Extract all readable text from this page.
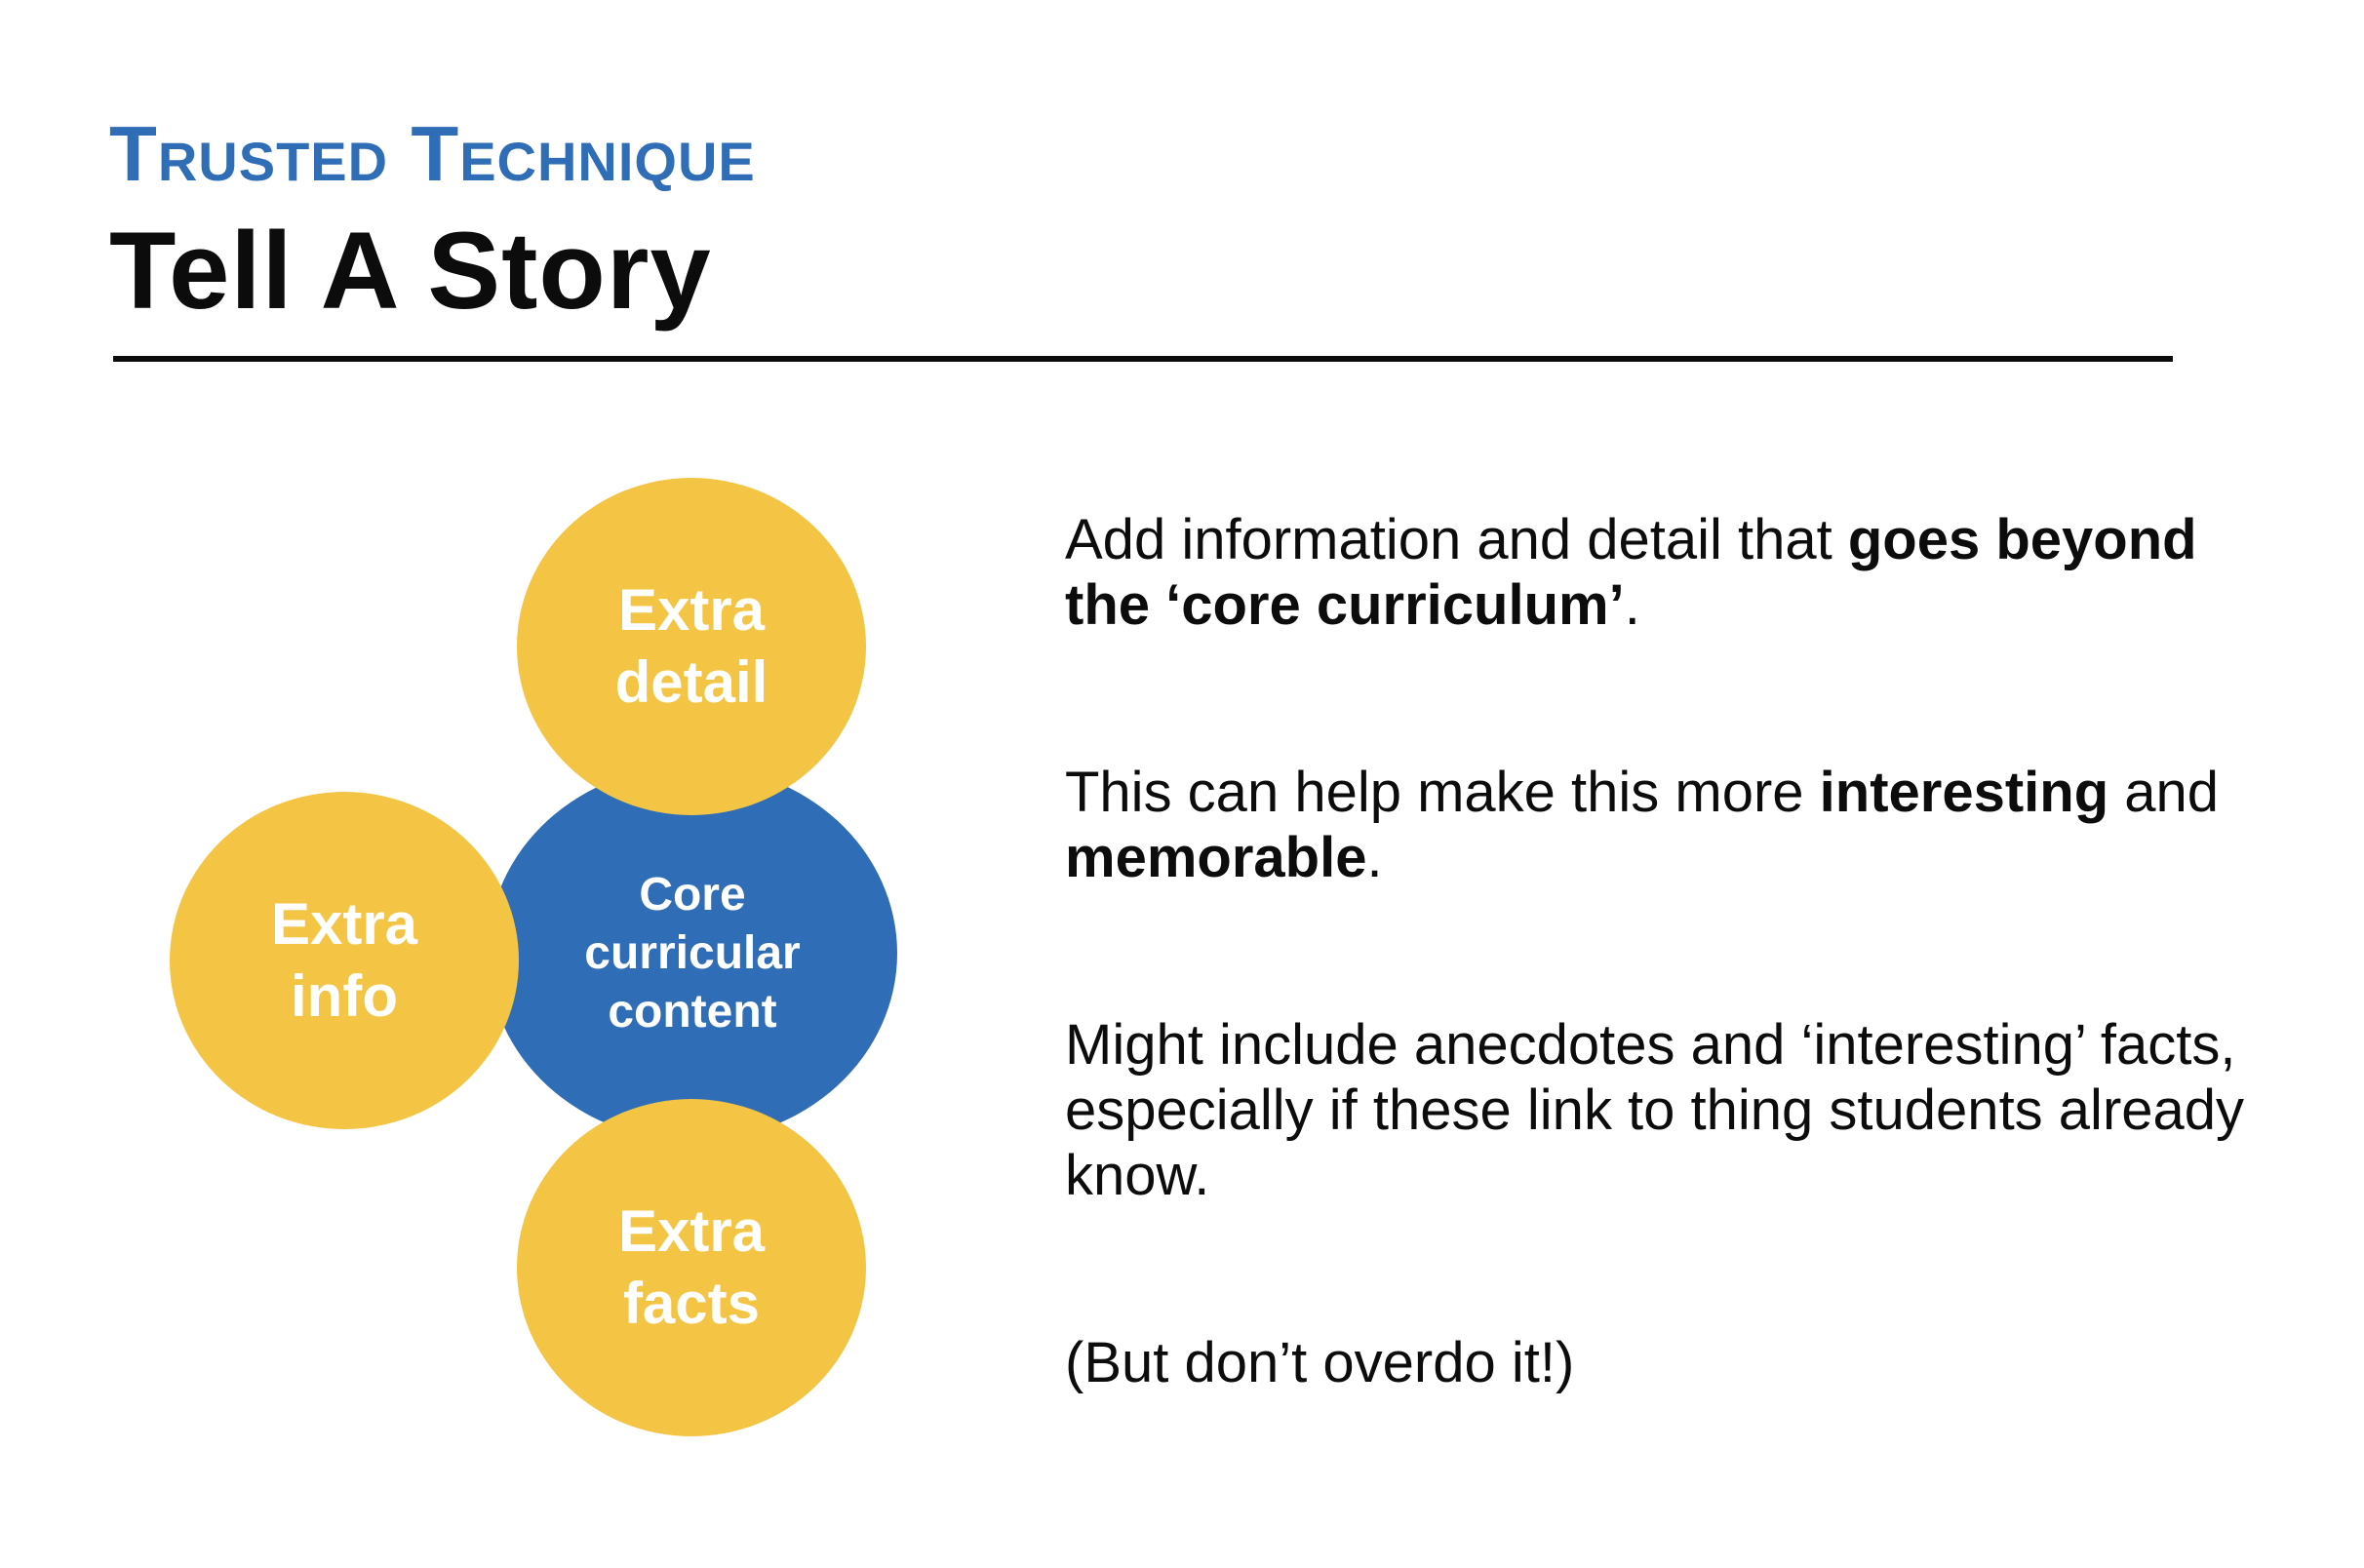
Trusted Technique
Tell A Story
Core
curricular
content
Extra
detail
Extra
info
Extra
facts

Add information and detail that goes beyond the ‘core curriculum’.

This can help make this more interesting and memorable.

Might include anecdotes and ‘interesting’ facts, especially if these link to thing students already know.

(But don’t overdo it!)
